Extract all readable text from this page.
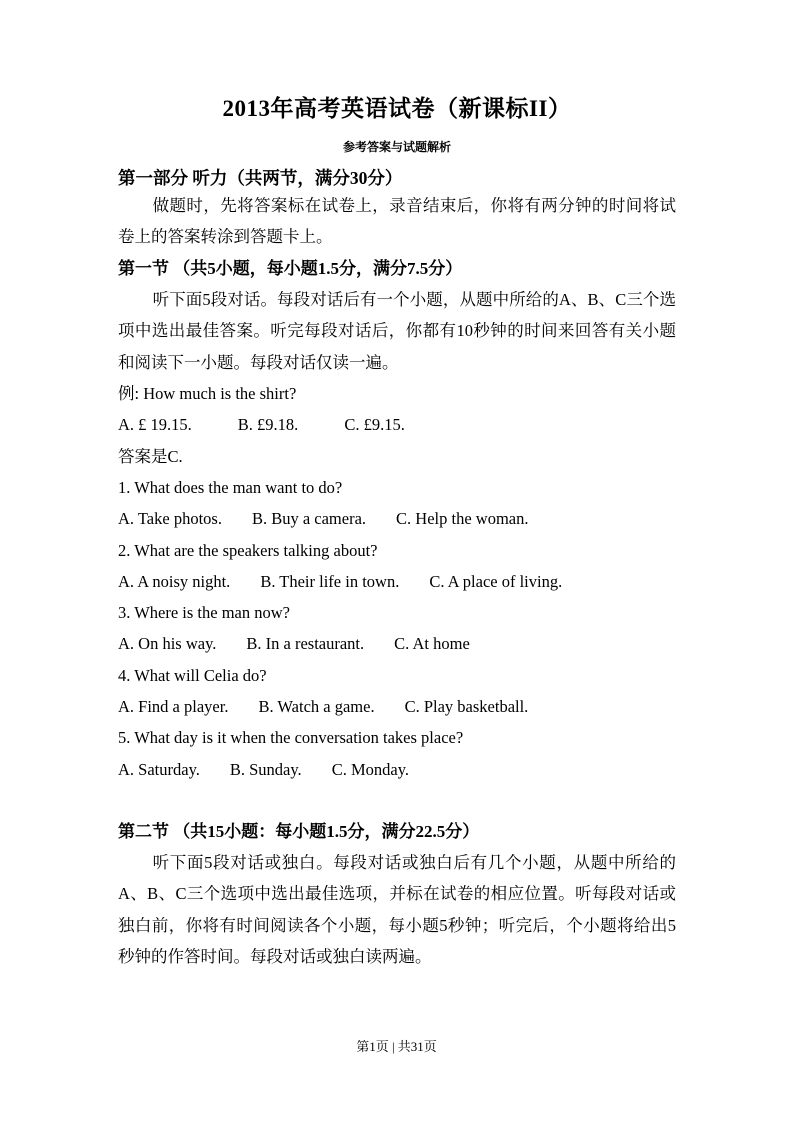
2013年高考英语试卷（新课标II）
参考答案与试题解析
第一部分 听力（共两节，满分30分）

做题时，先将答案标在试卷上，录音结束后，你将有两分钟的时间将试卷上的答案转涂到答题卡上。

第一节 （共5小题，每小题1.5分，满分7.5分）

听下面5段对话。每段对话后有一个小题，从题中所给的A、B、C三个选项中选出最佳答案。听完每段对话后，你都有10秒钟的时间来回答有关小题和阅读下一小题。每段对话仅读一遍。

例: How much is the shirt?
A. £ 19.15.	B. £9.18.	C. £9.15.
答案是C.
1. What does the man want to do?
A. Take photos. B. Buy a camera. C. Help the woman.
2. What are the speakers talking about?
A. A noisy night. B. Their life in town. C. A place of living.
3. Where is the man now?
A. On his way. B. In a restaurant. C. At home
4. What will Celia do?
A. Find a player. B. Watch a game. C. Play basketball.
5. What day is it when the conversation takes place?
A. Saturday. B. Sunday. C. Monday.
第二节 （共15小题：每小题1.5分，满分22.5分）

听下面5段对话或独白。每段对话或独白后有几个小题，从题中所给的A、B、C三个选项中选出最佳选项，并标在试卷的相应位置。听每段对话或独白前，你将有时间阅读各个小题，每小题5秒钟；听完后，个小题将给出5秒钟的作答时间。每段对话或独白读两遍。

第1页 | 共31页
